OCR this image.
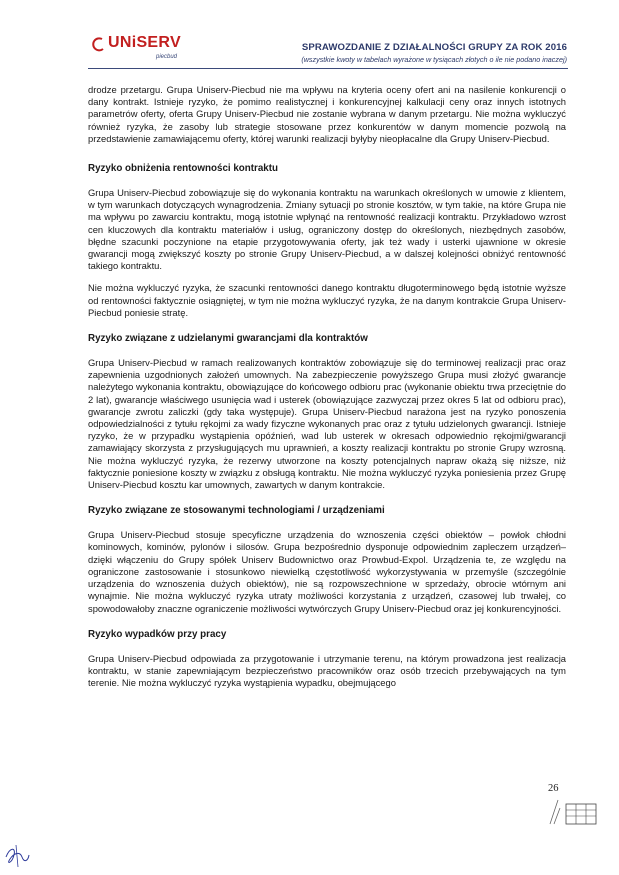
UNiSERV
piecbud
SPRAWOZDANIE Z DZIAŁALNOŚCI GRUPY ZA ROK 2016
(wszystkie kwoty w tabelach wyrażone w tysiącach złotych o ile nie podano inaczej)

drodze przetargu. Grupa Uniserv-Piecbud nie ma wpływu na kryteria oceny ofert ani na nasilenie konkurencji o dany kontrakt. Istnieje ryzyko, że pomimo realistycznej i konkurencyjnej kalkulacji ceny oraz innych istotnych parametrów oferty, oferta Grupy Uniserv-Piecbud nie zostanie wybrana w danym przetargu. Nie można wykluczyć również ryzyka, że zasoby lub strategie stosowane przez konkurentów w danym momencie pozwolą na przedstawienie zamawiającemu oferty, której warunki realizacji byłyby nieopłacalne dla Grupy Uniserv-Piecbud.

Ryzyko obniżenia rentowności kontraktu

Grupa Uniserv-Piecbud zobowiązuje się do wykonania kontraktu na warunkach określonych w umowie z klientem, w tym warunkach dotyczących wynagrodzenia. Zmiany sytuacji po stronie kosztów, w tym takie, na które Grupa nie ma wpływu po zawarciu kontraktu, mogą istotnie wpłynąć na rentowność realizacji kontraktu. Przykładowo wzrost cen kluczowych dla kontraktu materiałów i usług, ograniczony dostęp do określonych, niezbędnych zasobów, błędne szacunki poczynione na etapie przygotowywania oferty, jak też wady i usterki ujawnione w okresie gwarancji mogą zwiększyć koszty po stronie Grupy Uniserv-Piecbud, a w dalszej kolejności obniżyć rentowność takiego kontraktu.

Nie można wykluczyć ryzyka, że szacunki rentowności danego kontraktu długoterminowego będą istotnie wyższe od rentowności faktycznie osiągniętej, w tym nie można wykluczyć ryzyka, że na danym kontrakcie Grupa Uniserv-Piecbud poniesie stratę.

Ryzyko związane z udzielanymi gwarancjami dla kontraktów

Grupa Uniserv-Piecbud w ramach realizowanych kontraktów zobowiązuje się do terminowej realizacji prac oraz zapewnienia uzgodnionych założeń umownych. Na zabezpieczenie powyższego Grupa musi złożyć gwarancje należytego wykonania kontraktu, obowiązujące do końcowego odbioru prac (wykonanie obiektu trwa przeciętnie do 2 lat), gwarancje właściwego usunięcia wad i usterek (obowiązujące zazwyczaj przez okres 5 lat od odbioru prac), gwarancje zwrotu zaliczki (gdy taka występuje). Grupa Uniserv-Piecbud narażona jest na ryzyko ponoszenia odpowiedzialności z tytułu rękojmi za wady fizyczne wykonanych prac oraz z tytułu udzielonych gwarancji. Istnieje ryzyko, że w przypadku wystąpienia opóźnień, wad lub usterek w okresach odpowiednio rękojmi/gwarancji zamawiający skorzysta z przysługujących mu uprawnień, a koszty realizacji kontraktu po stronie Grupy wzrosną. Nie można wykluczyć ryzyka, że rezerwy utworzone na koszty potencjalnych napraw okażą się niższe, niż faktycznie poniesione koszty w związku z obsługą kontraktu. Nie można wykluczyć ryzyka poniesienia przez Grupę Uniserv-Piecbud kosztu kar umownych, zawartych w danym kontrakcie.

Ryzyko związane ze stosowanymi technologiami / urządzeniami

Grupa Uniserv-Piecbud stosuje specyficzne urządzenia do wznoszenia części obiektów – powłok chłodni kominowych, kominów, pylonów i silosów. Grupa bezpośrednio dysponuje odpowiednim zapleczem urządzeń– dzięki włączeniu do Grupy spółek Uniserv Budownictwo oraz Prowbud-Expol. Urządzenia te, ze względu na ograniczone zastosowanie i stosunkowo niewielką częstotliwość wykorzystywania w przemyśle (szczególnie urządzenia do wznoszenia dużych obiektów), nie są rozpowszechnione w sprzedaży, obrocie wtórnym ani wynajmie. Nie można wykluczyć ryzyka utraty możliwości korzystania z urządzeń, czasowej lub trwałej, co spowodowałoby znaczne ograniczenie możliwości wytwórczych Grupy Uniserv-Piecbud oraz jej konkurencyjności.

Ryzyko wypadków przy pracy

Grupa Uniserv-Piecbud odpowiada za przygotowanie i utrzymanie terenu, na którym prowadzona jest realizacja kontraktu, w stanie zapewniającym bezpieczeństwo pracowników oraz osób trzecich przebywających na tym terenie. Nie można wykluczyć ryzyka wystąpienia wypadku, obejmującego

26
